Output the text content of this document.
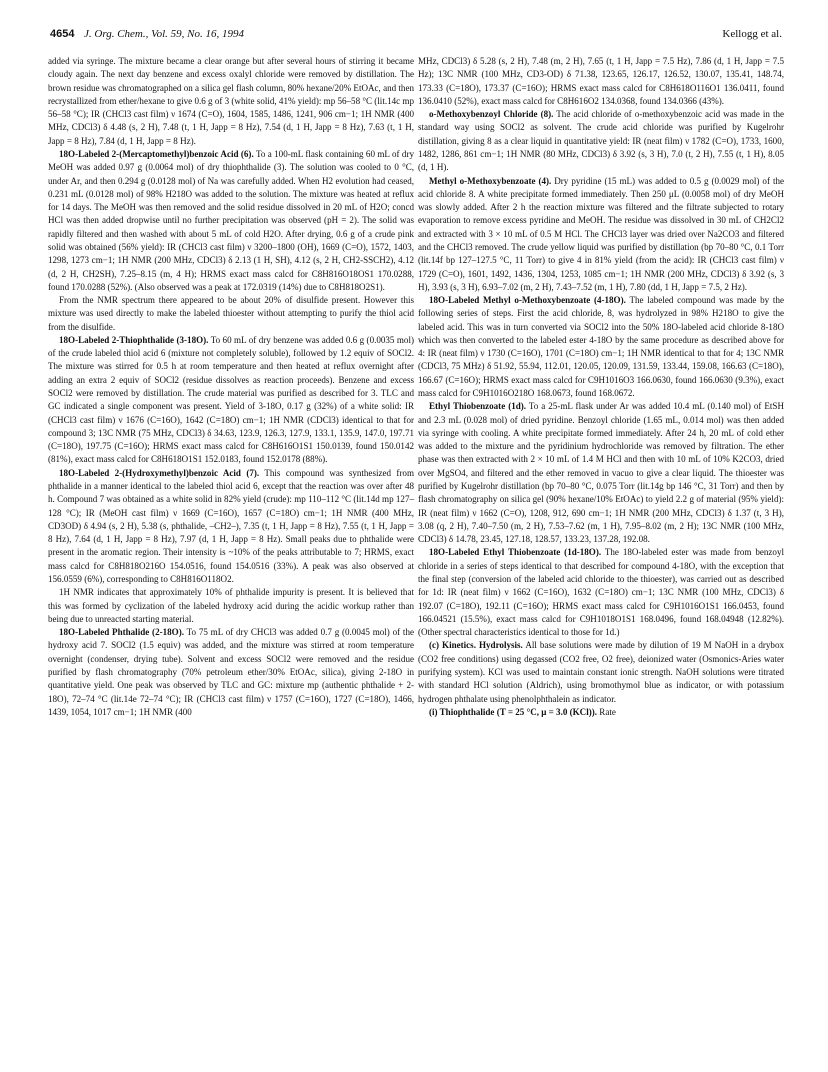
4654 J. Org. Chem., Vol. 59, No. 16, 1994	Kellogg et al.

added via syringe. The mixture became a clear orange but after several hours of stirring it became cloudy again. The next day benzene and excess oxalyl chloride were removed by distillation. The brown residue was chromatographed on a silica gel flash column, 80% hexane/20% EtOAc, and then recrystallized from ether/hexane to give 0.6 g of 3 (white solid, 41% yield): mp 56–58 °C (lit.14c mp 56–58 °C); IR (CHCl3 cast film) ν 1674 (C=O), 1604, 1585, 1486, 1241, 906 cm−1; 1H NMR (400 MHz, CDCl3) δ 4.48 (s, 2 H), 7.48 (t, 1 H, Japp = 8 Hz), 7.54 (d, 1 H, Japp = 8 Hz), 7.63 (t, 1 H, Japp = 8 Hz), 7.84 (d, 1 H, Japp = 8 Hz).

18O-Labeled 2-(Mercaptomethyl)benzoic Acid (6). To a 100-mL flask containing 60 mL of dry MeOH was added 0.97 g (0.0064 mol) of dry thiophthalide (3). The solution was cooled to 0 °C, under Ar, and then 0.294 g (0.0128 mol) of Na was carefully added. When H2 evolution had ceased, 0.231 mL (0.0128 mol) of 98% H218O was added to the solution. The mixture was heated at reflux for 14 days. The MeOH was then removed and the solid residue dissolved in 20 mL of H2O; concd HCl was then added dropwise until no further precipitation was observed (pH = 2). The solid was rapidly filtered and then washed with about 5 mL of cold H2O. After drying, 0.6 g of a crude pink solid was obtained (56% yield): IR (CHCl3 cast film) ν 3200–1800 (OH), 1669 (C=O), 1572, 1403, 1298, 1273 cm−1; 1H NMR (200 MHz, CDCl3) δ 2.13 (1 H, SH), 4.12 (s, 2 H, CH2-SSCH2), 4.12 (d, 2 H, CH2SH), 7.25–8.15 (m, 4 H); HRMS exact mass calcd for C8H816O18OS1 170.0288, found 170.0288 (52%). (Also observed was a peak at 172.0319 (14%) due to C8H818O2S1).

From the NMR spectrum there appeared to be about 20% of disulfide present. However this mixture was used directly to make the labeled thioester without attempting to purify the thiol acid from the disulfide.

18O-Labeled 2-Thiophthalide (3-18O). To 60 mL of dry benzene was added 0.6 g (0.0035 mol) of the crude labeled thiol acid 6 (mixture not completely soluble), followed by 1.2 equiv of SOCl2. The mixture was stirred for 0.5 h at room temperature and then heated at reflux overnight after adding an extra 2 equiv of SOCl2 (residue dissolves as reaction proceeds). Benzene and excess SOCl2 were removed by distillation. The crude material was purified as described for 3. TLC and GC indicated a single component was present. Yield of 3-18O, 0.17 g (32%) of a white solid: IR (CHCl3 cast film) ν 1676 (C=16O), 1642 (C=18O) cm−1; 1H NMR (CDCl3) identical to that for compound 3; 13C NMR (75 MHz, CDCl3) δ 34.63, 123.9, 126.3, 127.9, 133.1, 135.9, 147.0, 197.71 (C=18O), 197.75 (C=16O); HRMS exact mass calcd for C8H616O1S1 150.0139, found 150.0142 (81%), exact mass calcd for C8H618O1S1 152.0183, found 152.0178 (88%).

18O-Labeled 2-(Hydroxymethyl)benzoic Acid (7). This compound was synthesized from phthalide in a manner identical to the labeled thiol acid 6, except that the reaction was over after 48 h. Compound 7 was obtained as a white solid in 82% yield (crude): mp 110–112 °C (lit.14d mp 127–128 °C); IR (MeOH cast film) ν 1669 (C=16O), 1657 (C=18O) cm−1; 1H NMR (400 MHz, CD3OD) δ 4.94 (s, 2 H), 5.38 (s, phthalide, –CH2–), 7.35 (t, 1 H, Japp = 8 Hz), 7.55 (t, 1 H, Japp = 8 Hz), 7.64 (d, 1 H, Japp = 8 Hz), 7.97 (d, 1 H, Japp = 8 Hz). Small peaks due to phthalide were present in the aromatic region. Their intensity is ~10% of the peaks attributable to 7; HRMS, exact mass calcd for C8H818O216O 154.0516, found 154.0516 (33%). A peak was also observed at 156.0559 (6%), corresponding to C8H816O118O2.

1H NMR indicates that approximately 10% of phthalide impurity is present. It is believed that this was formed by cyclization of the labeled hydroxy acid during the acidic workup rather than being due to unreacted starting material.

18O-Labeled Phthalide (2-18O). To 75 mL of dry CHCl3 was added 0.7 g (0.0045 mol) of the hydroxy acid 7. SOCl2 (1.5 equiv) was added, and the mixture was stirred at room temperature overnight (condenser, drying tube). Solvent and excess SOCl2 were removed and the residue purified by flash chromatography (70% petroleum ether/30% EtOAc, silica), giving 2-18O in quantitative yield. One peak was observed by TLC and GC: mixture mp (authentic phthalide + 2-18O), 72–74 °C (lit.14e 72–74 °C); IR (CHCl3 cast film) ν 1757 (C=16O), 1727 (C=18O), 1466, 1439, 1054, 1017 cm−1; 1H NMR (400

MHz, CDCl3) δ 5.28 (s, 2 H), 7.48 (m, 2 H), 7.65 (t, 1 H, Japp = 7.5 Hz), 7.86 (d, 1 H, Japp = 7.5 Hz); 13C NMR (100 MHz, CD3-OD) δ 71.38, 123.65, 126.17, 126.52, 130.07, 135.41, 148.74, 173.33 (C=18O), 173.37 (C=16O); HRMS exact mass calcd for C8H618O116O1 136.0411, found 136.0410 (52%), exact mass calcd for C8H616O2 134.0368, found 134.0366 (43%).

o-Methoxybenzoyl Chloride (8). The acid chloride of o-methoxybenzoic acid was made in the standard way using SOCl2 as solvent. The crude acid chloride was purified by Kugelrohr distillation, giving 8 as a clear liquid in quantitative yield: IR (neat film) ν 1782 (C=O), 1733, 1600, 1482, 1286, 861 cm−1; 1H NMR (80 MHz, CDCl3) δ 3.92 (s, 3 H), 7.0 (t, 2 H), 7.55 (t, 1 H), 8.05 (d, 1 H).

Methyl o-Methoxybenzoate (4). Dry pyridine (15 mL) was added to 0.5 g (0.0029 mol) of the acid chloride 8. A white precipitate formed immediately. Then 250 μL (0.0058 mol) of dry MeOH was slowly added. After 2 h the reaction mixture was filtered and the filtrate subjected to rotary evaporation to remove excess pyridine and MeOH. The residue was dissolved in 30 mL of CH2Cl2 and extracted with 3 × 10 mL of 0.5 M HCl. The CHCl3 layer was dried over Na2CO3 and filtered and the CHCl3 removed. The crude yellow liquid was purified by distillation (bp 70–80 °C, 0.1 Torr (lit.14f bp 127–127.5 °C, 11 Torr) to give 4 in 81% yield (from the acid): IR (CHCl3 cast film) ν 1729 (C=O), 1601, 1492, 1436, 1304, 1253, 1085 cm−1; 1H NMR (200 MHz, CDCl3) δ 3.92 (s, 3 H), 3.93 (s, 3 H), 6.93–7.02 (m, 2 H), 7.43–7.52 (m, 1 H), 7.80 (dd, 1 H, Japp = 7.5, 2 Hz).

18O-Labeled Methyl o-Methoxybenzoate (4-18O). The labeled compound was made by the following series of steps. First the acid chloride, 8, was hydrolyzed in 98% H218O to give the labeled acid. This was in turn converted via SOCl2 into the 50% 18O-labeled acid chloride 8-18O which was then converted to the labeled ester 4-18O by the same procedure as described above for 4: IR (neat film) ν 1730 (C=16O), 1701 (C=18O) cm−1; 1H NMR identical to that for 4; 13C NMR (CDCl3, 75 MHz) δ 51.92, 55.94, 112.01, 120.05, 120.09, 131.59, 133.44, 159.08, 166.63 (C=18O), 166.67 (C=16O); HRMS exact mass calcd for C9H1016O3 166.0630, found 166.0630 (9.3%), exact mass calcd for C9H1016O218O 168.0673, found 168.0672.

Ethyl Thiobenzoate (1d). To a 25-mL flask under Ar was added 10.4 mL (0.140 mol) of EtSH and 2.3 mL (0.028 mol) of dried pyridine. Benzoyl chloride (1.65 mL, 0.014 mol) was then added via syringe with cooling. A white precipitate formed immediately. After 24 h, 20 mL of cold ether was added to the mixture and the pyridinium hydrochloride was removed by filtration. The ether phase was then extracted with 2 × 10 mL of 1.4 M HCl and then with 10 mL of 10% K2CO3, dried over MgSO4, and filtered and the ether removed in vacuo to give a clear liquid. The thioester was purified by Kugelrohr distillation (bp 70–80 °C, 0.075 Torr (lit.14g bp 146 °C, 31 Torr) and then by flash chromatography on silica gel (90% hexane/10% EtOAc) to yield 2.2 g of material (95% yield): IR (neat film) ν 1662 (C=O), 1208, 912, 690 cm−1; 1H NMR (200 MHz, CDCl3) δ 1.37 (t, 3 H), 3.08 (q, 2 H), 7.40–7.50 (m, 2 H), 7.53–7.62 (m, 1 H), 7.95–8.02 (m, 2 H); 13C NMR (100 MHz, CDCl3) δ 14.78, 23.45, 127.18, 128.57, 133.23, 137.28, 192.08.

18O-Labeled Ethyl Thiobenzoate (1d-18O). The 18O-labeled ester was made from benzoyl chloride in a series of steps identical to that described for compound 4-18O, with the exception that the final step (conversion of the labeled acid chloride to the thioester), was carried out as described for 1d: IR (neat film) ν 1662 (C=16O), 1632 (C=18O) cm−1; 13C NMR (100 MHz, CDCl3) δ 192.07 (C=18O), 192.11 (C=16O); HRMS exact mass calcd for C9H1016O1S1 166.0453, found 166.04521 (15.5%), exact mass calcd for C9H1018O1S1 168.0496, found 168.04948 (12.82%). (Other spectral characteristics identical to those for 1d.)

(c) Kinetics. Hydrolysis. All base solutions were made by dilution of 19 M NaOH in a drybox (CO2 free conditions) using degassed (CO2 free, O2 free), deionized water (Osmonics-Aries water purifying system). KCl was used to maintain constant ionic strength. NaOH solutions were titrated with standard HCl solution (Aldrich), using bromothymol blue as indicator, or with potassium hydrogen phthalate using phenolphthalein as indicator.

(i) Thiophthalide (T = 25 °C, μ = 3.0 (KCl)). Rate
